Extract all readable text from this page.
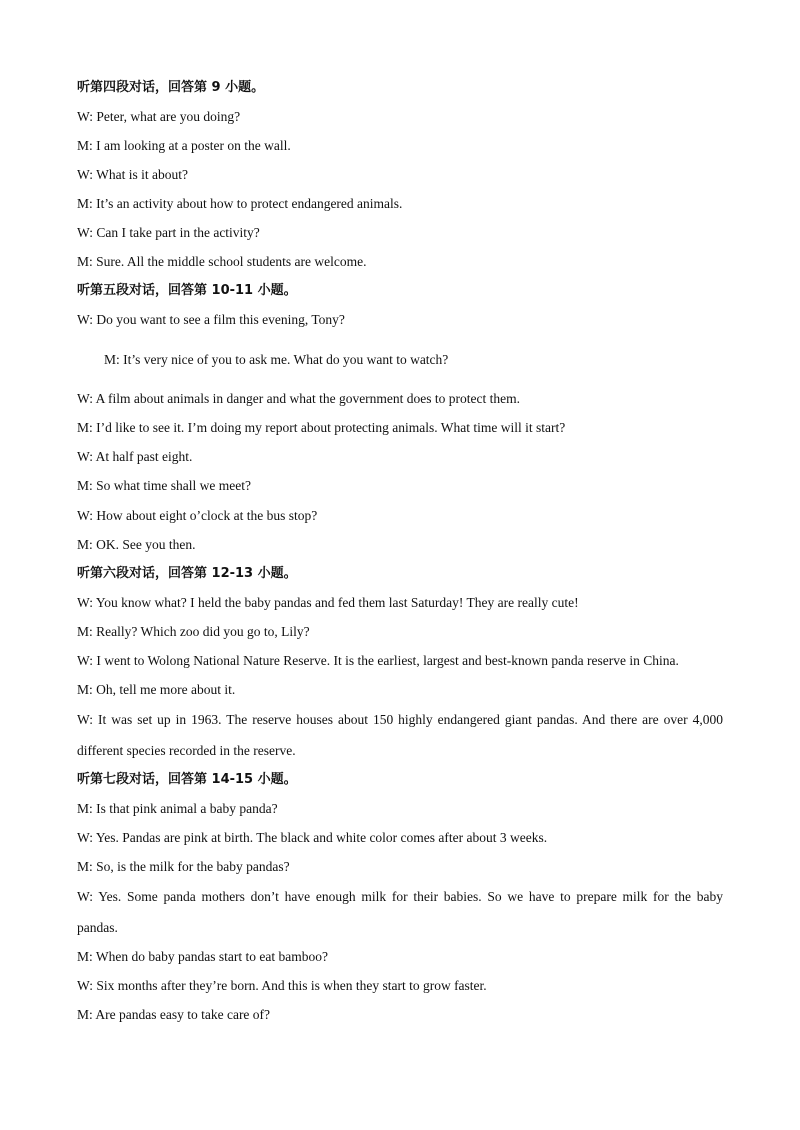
听第四段对话，回答第 9 小题。
W: Peter, what are you doing?
M: I am looking at a poster on the wall.
W: What is it about?
M: It’s an activity about how to protect endangered animals.
W: Can I take part in the activity?
M: Sure. All the middle school students are welcome.
听第五段对话，回答第 10-11 小题。
W: Do you want to see a film this evening, Tony?
M: It’s very nice of you to ask me. What do you want to watch?
W: A film about animals in danger and what the government does to protect them.
M: I’d like to see it. I’m doing my report about protecting animals. What time will it start?
W: At half past eight.
M: So what time shall we meet?
W: How about eight o’clock at the bus stop?
M: OK. See you then.
听第六段对话，回答第 12-13 小题。
W: You know what? I held the baby pandas and fed them last Saturday! They are really cute!
M: Really? Which zoo did you go to, Lily?
W: I went to Wolong National Nature Reserve. It is the earliest, largest and best-known panda reserve in China.
M: Oh, tell me more about it.
W: It was set up in 1963. The reserve houses about 150 highly endangered giant pandas. And there are over 4,000
different species recorded in the reserve.
听第七段对话，回答第 14-15 小题。
M: Is that pink animal a baby panda?
W: Yes. Pandas are pink at birth. The black and white color comes after about 3 weeks.
M: So, is the milk for the baby pandas?
W: Yes. Some panda mothers don’t have enough milk for their babies. So we have to prepare milk for the baby
pandas.
M: When do baby pandas start to eat bamboo?
W: Six months after they’re born. And this is when they start to grow faster.
M: Are pandas easy to take care of?
